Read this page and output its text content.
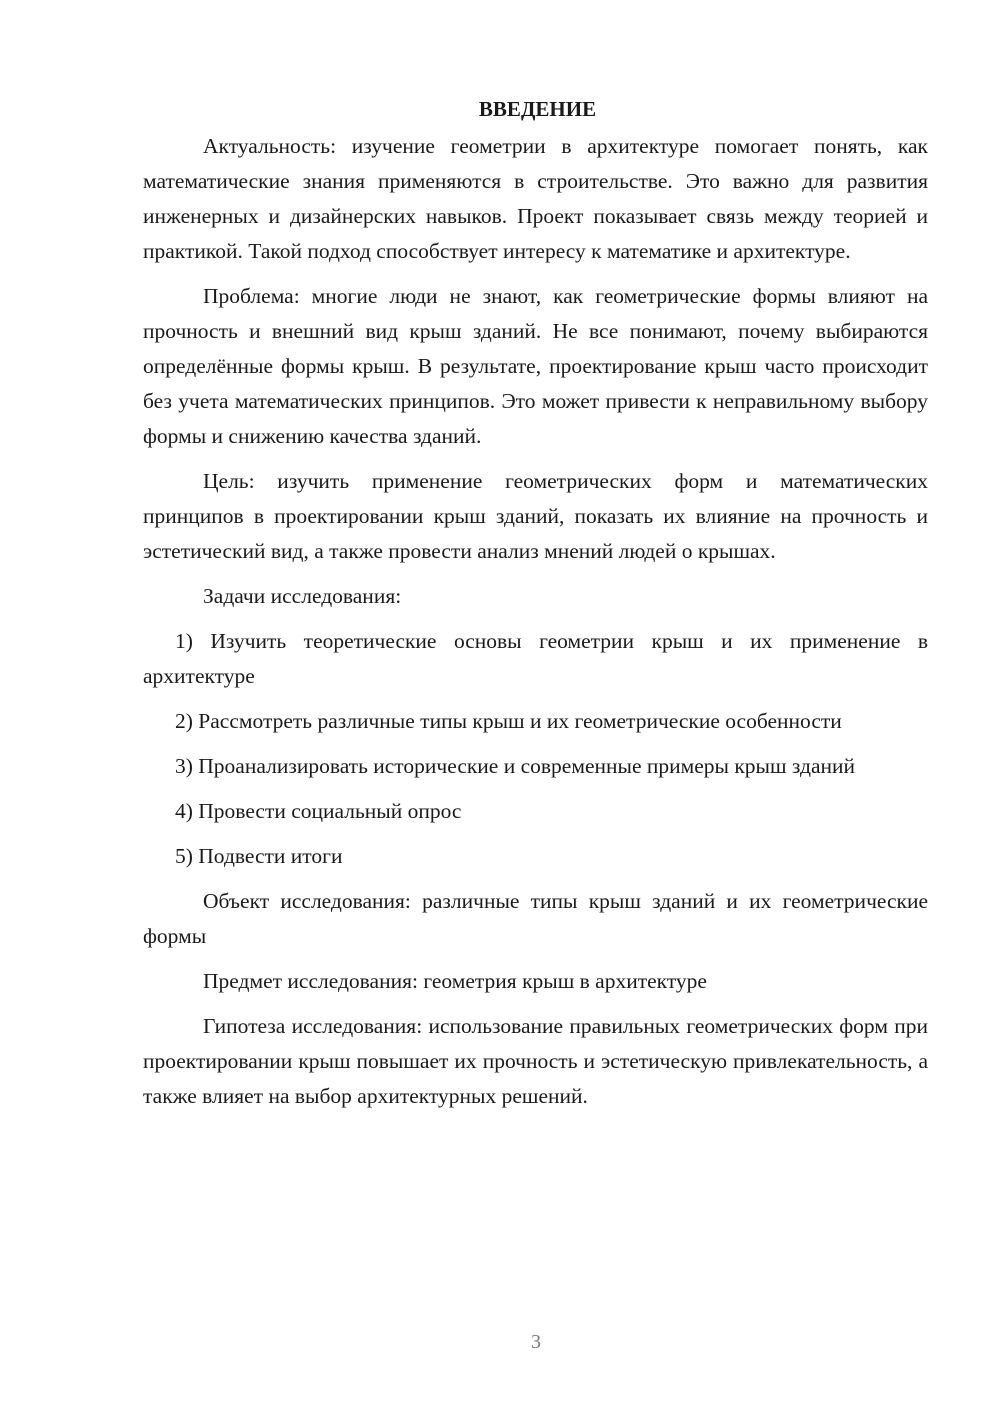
ВВЕДЕНИЕ

Актуальность: изучение геометрии в архитектуре помогает понять, как математические знания применяются в строительстве. Это важно для развития инженерных и дизайнерских навыков. Проект показывает связь между теорией и практикой. Такой подход способствует интересу к математике и архитектуре.

Проблема: многие люди не знают, как геометрические формы влияют на прочность и внешний вид крыш зданий. Не все понимают, почему выбираются определённые формы крыш. В результате, проектирование крыш часто происходит без учета математических принципов. Это может привести к неправильному выбору формы и снижению качества зданий.

Цель: изучить применение геометрических форм и математических принципов в проектировании крыш зданий, показать их влияние на прочность и эстетический вид, а также провести анализ мнений людей о крышах.

Задачи исследования:

1) Изучить теоретические основы геометрии крыш и их применение в архитектуре

2) Рассмотреть различные типы крыш и их геометрические особенности

3) Проанализировать исторические и современные примеры крыш зданий

4) Провести социальный опрос

5) Подвести итоги

Объект исследования: различные типы крыш зданий и их геометрические формы

Предмет исследования: геометрия крыш в архитектуре

Гипотеза исследования: использование правильных геометрических форм при проектировании крыш повышает их прочность и эстетическую привлекательность, а также влияет на выбор архитектурных решений.

3
